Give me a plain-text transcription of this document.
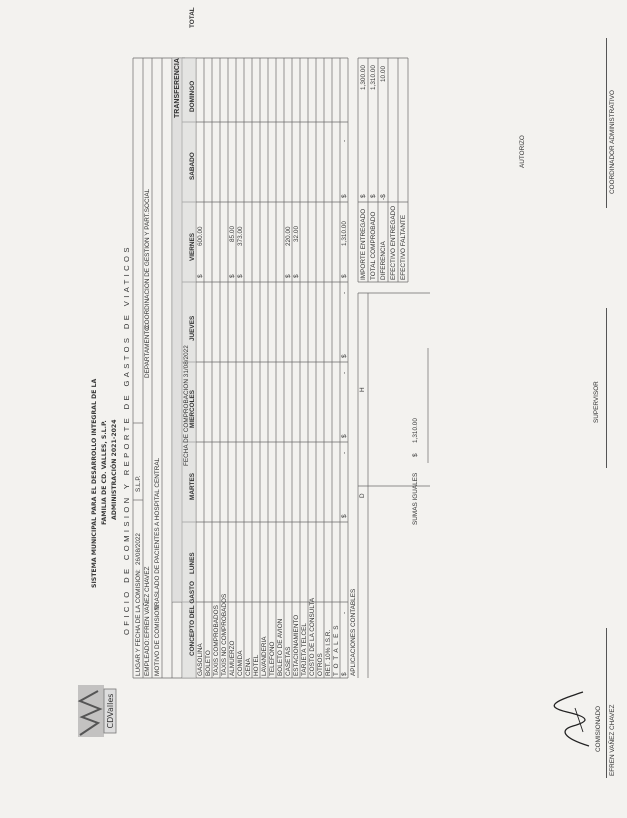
CDValles
SISTEMA MUNICIPAL PARA EL DESARROLLO INTEGRAL DE LA FAMILIA DE CD. VALLES, S.L.P. ADMINISTRACIÓN 2021-2024 OFICIO DE COMISION Y REPORTE DE GASTOS DE VIATICOS LUGAR Y FECHA DE LA COMISION:
26/08/2022
S.L.P.
EMPLEADO:
EFREN VAÑEZ CHAVEZ
DEPARTAMENTO:
COORDINACION DE GESTION Y PART.SOCIAL
MOTIVO DE COMISION:
TRASLADO DE PACIENTES A HOSPITAL CENTRAL
TRANSFERENCIA
FECHA DE COMPROBACION 31/08/2022
CONCEPTO DEL GASTO
LUNES
MARTES
MIERCOLES
JUEVES
VIERNES
SABADO
DOMINGO
TOTAL
GASOLINA BOLETO TAXIS COMPROBADOS TAXIS NO COMPROBADOS ALMUERZO COMIDA CENA HOTEL LAVANDERIA TELEFONO BOLETO DE AVION CASETAS ESTACIONAMIENTO TARJETA TELCEL COSTO DE LA CONSULTA OTROS RET. 10% I.S.R. T O T A L E S
$
600.00
$
85.00
$
373.00
$
220.00
$
32.00
$
-
$
-
$
-
$
-
$
1,310.00
$
-
APLICACIONES CONTABLES
D
H
SUMAS IGUALES
$
1,310.00
IMPORTE ENTREGADO
$
1,300.00
TOTAL COMPROBADO
$
1,310.00
DIFERENCIA
-$
10.00
EFECTIVO ENTREGADO EFECTIVO FALTANTE
COMISIONADO
SUPERVISOR
AUTORIZO
EFREN VAÑEZ CHAVEZ
COORDINADOR ADMINISTRATIVO
